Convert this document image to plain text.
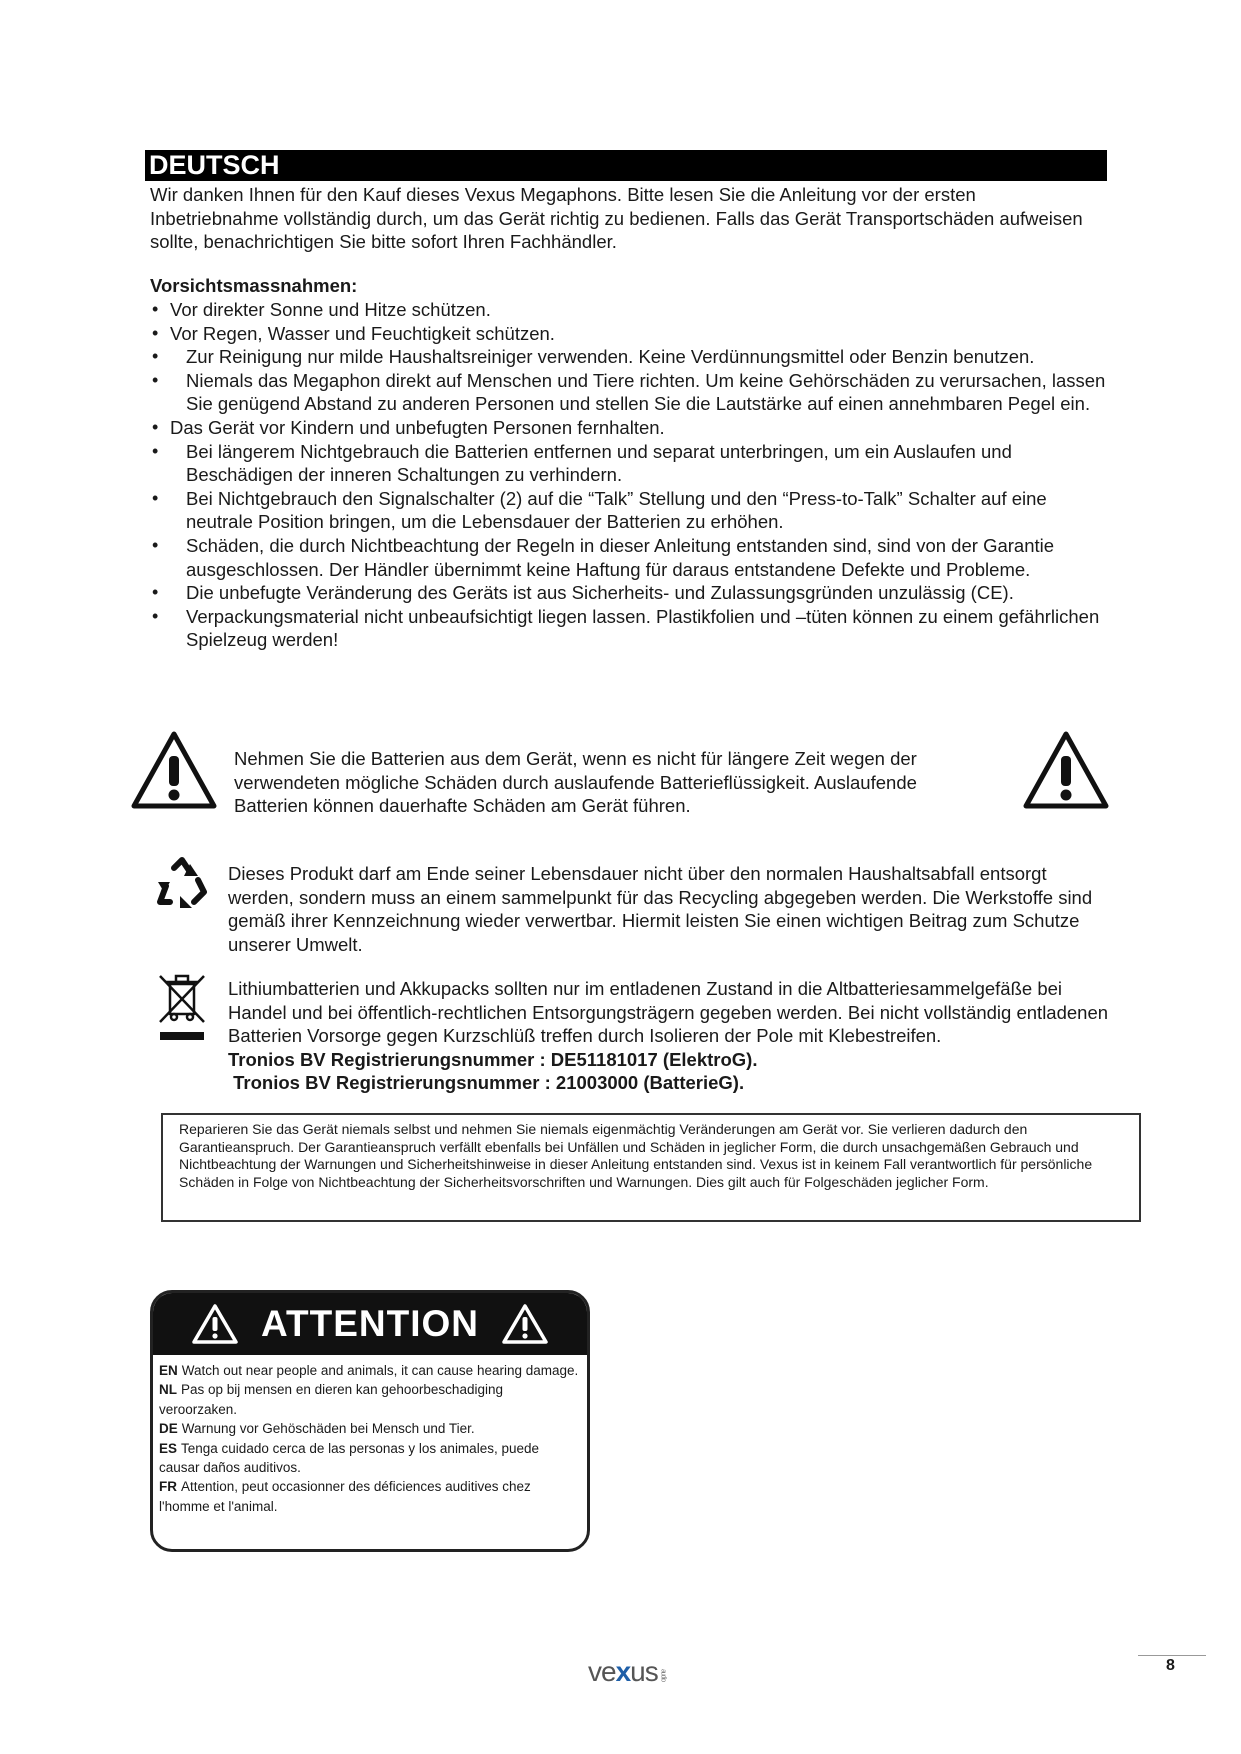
DEUTSCH
Wir danken Ihnen für den Kauf dieses Vexus Megaphons. Bitte lesen Sie die Anleitung vor der ersten Inbetriebnahme vollständig durch, um das Gerät richtig zu bedienen. Falls das Gerät Transportschäden aufweisen sollte, benachrichtigen Sie bitte sofort Ihren Fachhändler.
Vorsichtsmassnahmen:
• Vor direkter Sonne und Hitze schützen.
• Vor Regen, Wasser und Feuchtigkeit schützen.
• Zur Reinigung nur milde Haushaltsreiniger verwenden. Keine Verdünnungsmittel oder Benzin benutzen.
• Niemals das Megaphon direkt auf Menschen und Tiere richten. Um keine Gehörschäden zu verursachen, lassen Sie genügend Abstand zu anderen Personen und stellen Sie die Lautstärke auf einen annehmbaren Pegel ein.
• Das Gerät vor Kindern und unbefugten Personen fernhalten.
• Bei längerem Nichtgebrauch die Batterien entfernen und separat unterbringen, um ein Auslaufen und Beschädigen der inneren Schaltungen zu verhindern.
• Bei Nichtgebrauch den Signalschalter (2) auf die “Talk” Stellung und den “Press-to-Talk” Schalter auf eine neutrale Position bringen, um die Lebensdauer der Batterien zu erhöhen.
• Schäden, die durch Nichtbeachtung der Regeln in dieser Anleitung entstanden sind, sind von der Garantie ausgeschlossen. Der Händler übernimmt keine Haftung für daraus entstandene Defekte und Probleme.
• Die unbefugte Veränderung des Geräts ist aus Sicherheits- und Zulassungsgründen unzulässig (CE).
• Verpackungsmaterial nicht unbeaufsichtigt liegen lassen. Plastikfolien und –tüten können zu einem gefährlichen Spielzeug werden!
Nehmen Sie die Batterien aus dem Gerät, wenn es nicht für längere Zeit wegen der verwendeten mögliche Schäden durch auslaufende Batterieflüssigkeit. Auslaufende Batterien können dauerhafte Schäden am Gerät führen.
Dieses Produkt darf am Ende seiner Lebensdauer nicht über den normalen Haushaltsabfall entsorgt werden, sondern muss an einem sammelpunkt für das Recycling abgegeben werden. Die Werkstoffe sind gemäß ihrer Kennzeichnung wieder verwertbar. Hiermit leisten Sie einen wichtigen Beitrag zum Schutze unserer Umwelt.
Lithiumbatterien und Akkupacks sollten nur im entladenen Zustand in die Altbatteriesammelgefäße bei Handel und bei öffentlich-rechtlichen Entsorgungsträgern gegeben werden. Bei nicht vollständig entladenen Batterien Vorsorge gegen Kurzschlüß treffen durch Isolieren der Pole mit Klebestreifen.
Tronios BV Registrierungsnummer : DE51181017 (ElektroG).
Tronios BV Registrierungsnummer : 21003000 (BatterieG).
Reparieren Sie das Gerät niemals selbst und nehmen Sie niemals eigenmächtig Veränderungen am Gerät vor. Sie verlieren dadurch den Garantieanspruch. Der Garantieanspruch verfällt ebenfalls bei Unfällen und Schäden in jeglicher Form, die durch unsachgemäßen Gebrauch und Nichtbeachtung der Warnungen und Sicherheitshinweise in dieser Anleitung entstanden sind. Vexus ist in keinem Fall verantwortlich für persönliche Schäden in Folge von Nichtbeachtung der Sicherheitsvorschriften und Warnungen. Dies gilt auch für Folgeschäden jeglicher Form.
ATTENTION
EN Watch out near people and animals, it can cause hearing damage.
NL Pas op bij mensen en dieren kan gehoorbeschadiging veroorzaken.
DE Warnung vor Gehöschäden bei Mensch und Tier.
ES Tenga cuidado cerca de las personas y los animales, puede causar daños auditivos.
FR Attention, peut occasionner des déficiences auditives chez l'homme et l'animal.
vexus audio
8
